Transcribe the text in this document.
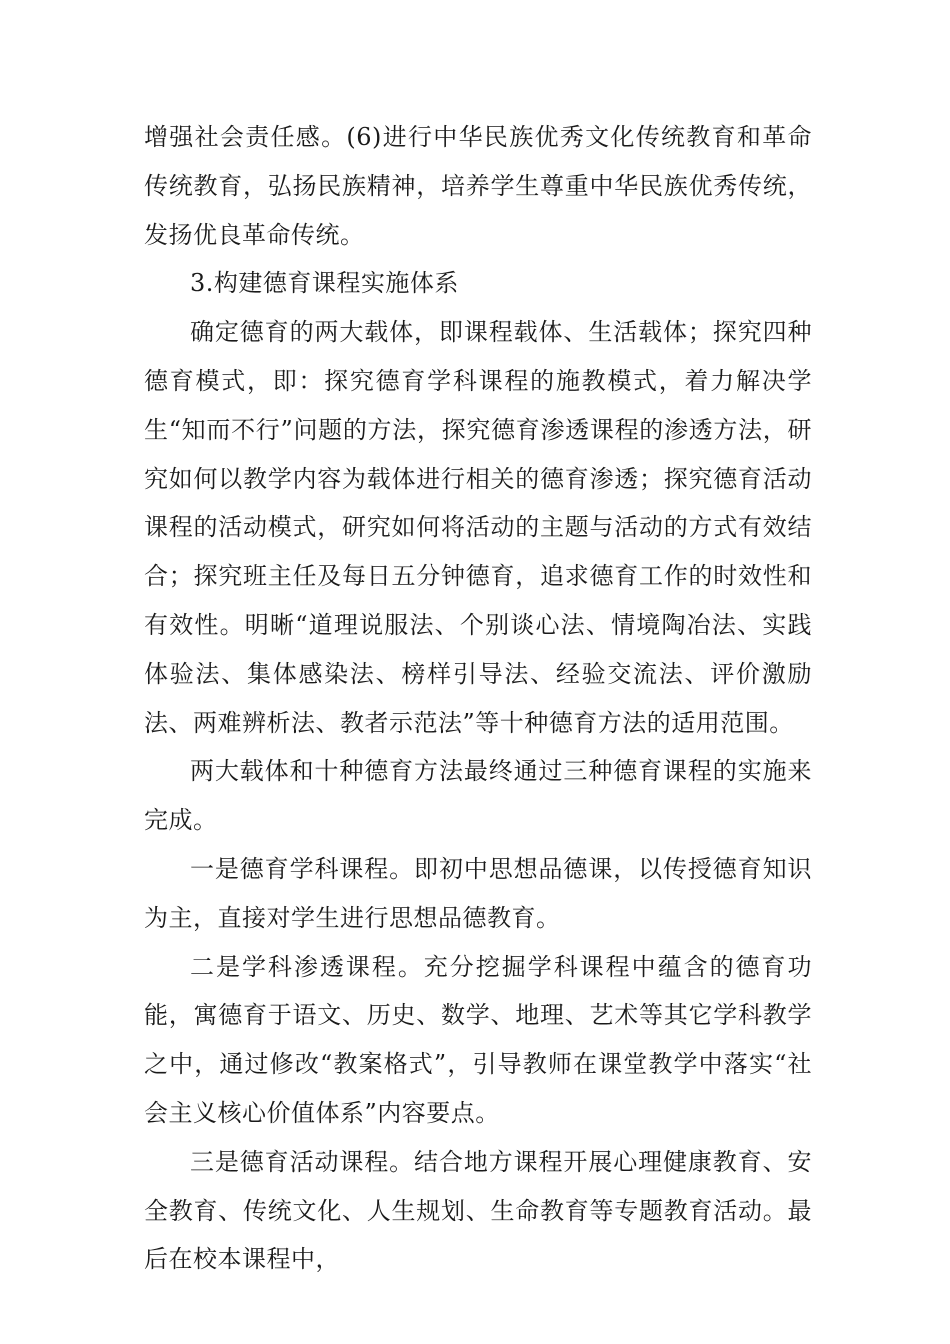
增强社会责任感。(6)进行中华民族优秀文化传统教育和革命传统教育，弘扬民族精神，培养学生尊重中华民族优秀传统，发扬优良革命传统。

3.构建德育课程实施体系

确定德育的两大载体，即课程载体、生活载体；探究四种德育模式，即：探究德育学科课程的施教模式，着力解决学生“知而不行”问题的方法，探究德育渗透课程的渗透方法，研究如何以教学内容为载体进行相关的德育渗透；探究德育活动课程的活动模式，研究如何将活动的主题与活动的方式有效结合；探究班主任及每日五分钟德育，追求德育工作的时效性和有效性。明晰“道理说服法、个别谈心法、情境陶冶法、实践体验法、集体感染法、榜样引导法、经验交流法、评价激励法、两难辨析法、教者示范法”等十种德育方法的适用范围。

两大载体和十种德育方法最终通过三种德育课程的实施来完成。

一是德育学科课程。即初中思想品德课，以传授德育知识为主，直接对学生进行思想品德教育。

二是学科渗透课程。充分挖掘学科课程中蕴含的德育功能，寓德育于语文、历史、数学、地理、艺术等其它学科教学之中，通过修改“教案格式”，引导教师在课堂教学中落实“社会主义核心价值体系”内容要点。

三是德育活动课程。结合地方课程开展心理健康教育、安全教育、传统文化、人生规划、生命教育等专题教育活动。最后在校本课程中，
